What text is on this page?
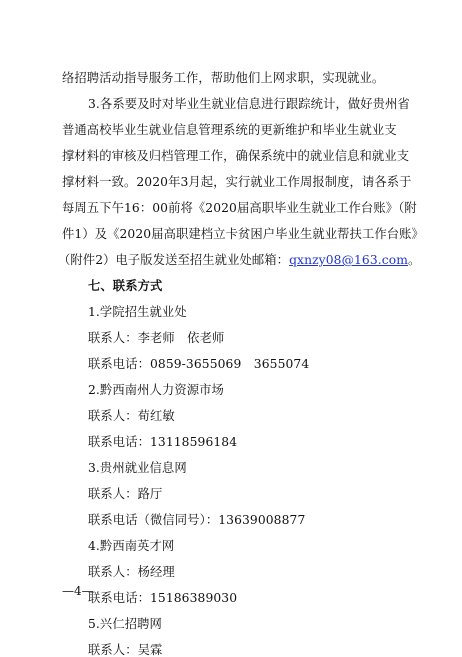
络招聘活动指导服务工作，帮助他们上网求职，实现就业。
3.各系要及时对毕业生就业信息进行跟踪统计，做好贵州省
普通高校毕业生就业信息管理系统的更新维护和毕业生就业支
撑材料的审核及归档管理工作，确保系统中的就业信息和就业支
撑材料一致。2020年3月起，实行就业工作周报制度，请各系于
每周五下午16：00前将《2020届高职毕业生就业工作台账》（附
件1）及《2020届高职建档立卡贫困户毕业生就业帮扶工作台账》
（附件2）电子版发送至招生就业处邮箱：qxnzy08@163.com。
七、联系方式
1.学院招生就业处
联系人：李老师　依老师
联系电话：0859-3655069　3655074
2.黔西南州人力资源市场
联系人：荀红敏
联系电话：13118596184
3.贵州就业信息网
联系人：路厅
联系电话（微信同号）：13639008877
4.黔西南英才网
联系人：杨经理
联系电话：15186389030
5.兴仁招聘网
联系人：吴霖
—4—
